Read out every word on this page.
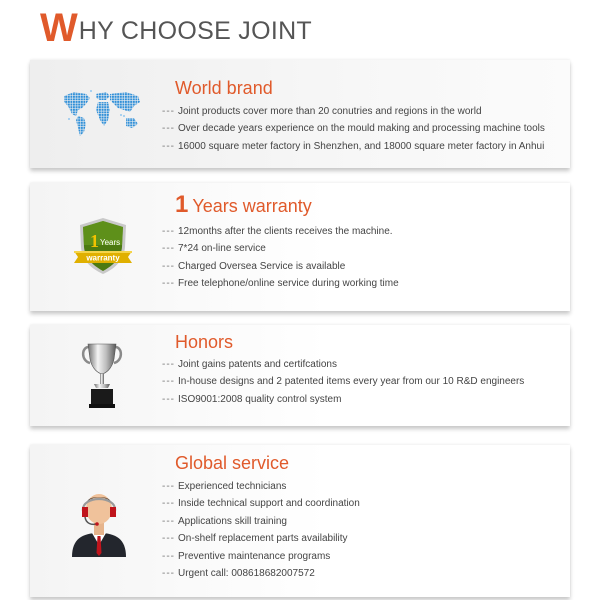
W HY CHOOSE JOINT
World brand
--- Joint products cover more than 20 conutries and regions in the world
--- Over decade years experience on the mould making and processing machine tools
--- 16000 square meter factory in Shenzhen, and 18000 square meter factory in Anhui
1 Years
warranty
1 Years warranty
--- 12months after the clients receives the machine.
--- 7*24 on-line service
--- Charged Oversea Service is available
--- Free telephone/online service during working time
Honors
--- Joint gains patents and certifcations
--- In-house designs and 2 patented items every year from our 10 R&D engineers
--- ISO9001:2008 quality control system
Global service
--- Experienced technicians
--- Inside technical support and coordination
--- Applications skill training
--- On-shelf replacement parts availability
--- Preventive maintenance programs
--- Urgent call: 008618682007572
